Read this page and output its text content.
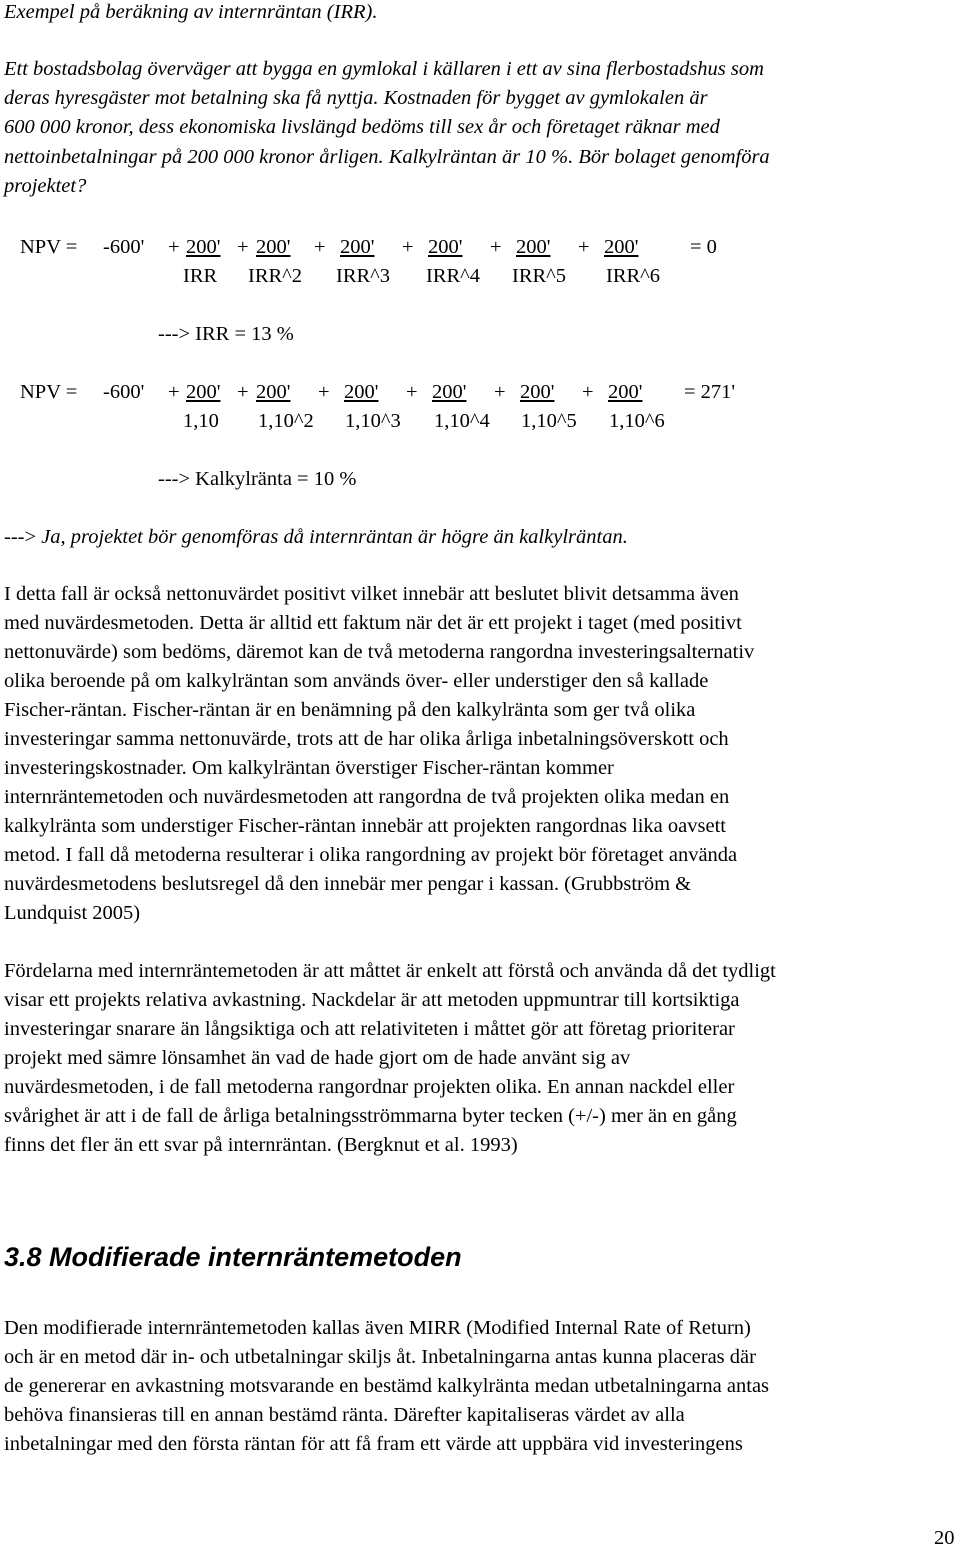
Exempel på beräkning av internräntan (IRR).
Ett bostadsbolag överväger att bygga en gymlokal i källaren i ett av sina flerbostadshus som
deras hyresgäster mot betalning ska få nyttja. Kostnaden för bygget av gymlokalen är
600 000 kronor, dess ekonomiska livslängd bedöms till sex år och företaget räknar med
nettoinbetalningar på 200 000 kronor årligen. Kalkylräntan är 10 %. Bör bolaget genomföra
projektet?
NPV = -600' + 200'
IRR
+ 200'
IRR^2
+ 200'
IRR^3
+ 200'
IRR^4
+ 200'
IRR^5
+ 200'
IRR^6
= 0
---> IRR = 13 %
NPV = -600' + 200'
1,10
+ 200'
1,10^2
+ 200'
1,10^3
+ 200'
1,10^4
+ 200'
1,10^5
+ 200'
1,10^6
= 271'
---> Kalkylränta = 10 %
---> Ja, projektet bör genomföras då internräntan är högre än kalkylräntan.
I detta fall är också nettonuvärdet positivt vilket innebär att beslutet blivit detsamma även
med nuvärdesmetoden. Detta är alltid ett faktum när det är ett projekt i taget (med positivt
nettonuvärde) som bedöms, däremot kan de två metoderna rangordna investeringsalternativ
olika beroende på om kalkylräntan som används över- eller understiger den så kallade
Fischer-räntan. Fischer-räntan är en benämning på den kalkylränta som ger två olika
investeringar samma nettonuvärde, trots att de har olika årliga inbetalningsöverskott och
investeringskostnader. Om kalkylräntan överstiger Fischer-räntan kommer
internräntemetoden och nuvärdesmetoden att rangordna de två projekten olika medan en
kalkylränta som understiger Fischer-räntan innebär att projekten rangordnas lika oavsett
metod. I fall då metoderna resulterar i olika rangordning av projekt bör företaget använda
nuvärdesmetodens beslutsregel då den innebär mer pengar i kassan. (Grubbström &
Lundquist 2005)
Fördelarna med internräntemetoden är att måttet är enkelt att förstå och använda då det tydligt
visar ett projekts relativa avkastning. Nackdelar är att metoden uppmuntrar till kortsiktiga
investeringar snarare än långsiktiga och att relativiteten i måttet gör att företag prioriterar
projekt med sämre lönsamhet än vad de hade gjort om de hade använt sig av
nuvärdesmetoden, i de fall metoderna rangordnar projekten olika. En annan nackdel eller
svårighet är att i de fall de årliga betalningsströmmarna byter tecken (+/-) mer än en gång
finns det fler än ett svar på internräntan. (Bergknut et al. 1993)
3.8 Modifierade internräntemetoden
Den modifierade internräntemetoden kallas även MIRR (Modified Internal Rate of Return)
och är en metod där in- och utbetalningar skiljs åt. Inbetalningarna antas kunna placeras där
de genererar en avkastning motsvarande en bestämd kalkylränta medan utbetalningarna antas
behöva finansieras till en annan bestämd ränta. Därefter kapitaliseras värdet av alla
inbetalningar med den första räntan för att få fram ett värde att uppbära vid investeringens
20
